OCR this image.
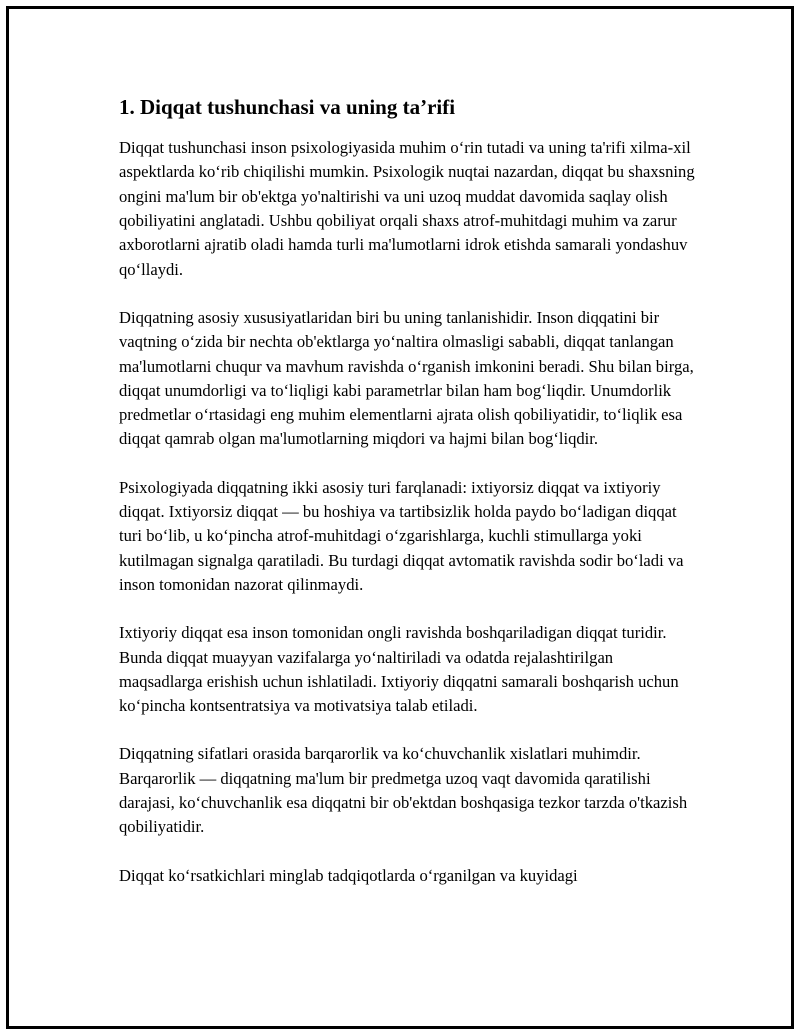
1. Diqqat tushunchasi va uning ta’rifi

Diqqat tushunchasi inson psixologiyasida muhim o‘rin tutadi va uning ta'rifi xilma-xil aspektlarda ko‘rib chiqilishi mumkin. Psixologik nuqtai nazardan, diqqat bu shaxsning ongini ma'lum bir ob'ektga yo'naltirishi va uni uzoq muddat davomida saqlay olish qobiliyatini anglatadi. Ushbu qobiliyat orqali shaxs atrof-muhitdagi muhim va zarur axborotlarni ajratib oladi hamda turli ma'lumotlarni idrok etishda samarali yondashuv qo‘llaydi.

Diqqatning asosiy xususiyatlaridan biri bu uning tanlanishidir. Inson diqqatini bir vaqtning o‘zida bir nechta ob'ektlarga yo‘naltira olmasligi sababli, diqqat tanlangan ma'lumotlarni chuqur va mavhum ravishda o‘rganish imkonini beradi. Shu bilan birga, diqqat unumdorligi va to‘liqligi kabi parametrlar bilan ham bog‘liqdir. Unumdorlik predmetlar o‘rtasidagi eng muhim elementlarni ajrata olish qobiliyatidir, to‘liqlik esa diqqat qamrab olgan ma'lumotlarning miqdori va hajmi bilan bog‘liqdir.

Psixologiyada diqqatning ikki asosiy turi farqlanadi: ixtiyorsiz diqqat va ixtiyoriy diqqat. Ixtiyorsiz diqqat — bu hoshiya va tartibsizlik holda paydo bo‘ladigan diqqat turi bo‘lib, u ko‘pincha atrof-muhitdagi o‘zgarishlarga, kuchli stimullarga yoki kutilmagan signalga qaratiladi. Bu turdagi diqqat avtomatik ravishda sodir bo‘ladi va inson tomonidan nazorat qilinmaydi.

Ixtiyoriy diqqat esa inson tomonidan ongli ravishda boshqariladigan diqqat turidir. Bunda diqqat muayyan vazifalarga yo‘naltiriladi va odatda rejalashtirilgan maqsadlarga erishish uchun ishlatiladi. Ixtiyoriy diqqatni samarali boshqarish uchun ko‘pincha kontsentratsiya va motivatsiya talab etiladi.

Diqqatning sifatlari orasida barqarorlik va ko‘chuvchanlik xislatlari muhimdir. Barqarorlik — diqqatning ma'lum bir predmetga uzoq vaqt davomida qaratilishi darajasi, ko‘chuvchanlik esa diqqatni bir ob'ektdan boshqasiga tezkor tarzda o'tkazish qobiliyatidir.

Diqqat ko‘rsatkichlari minglab tadqiqotlarda o‘rganilgan va kuyidagi
